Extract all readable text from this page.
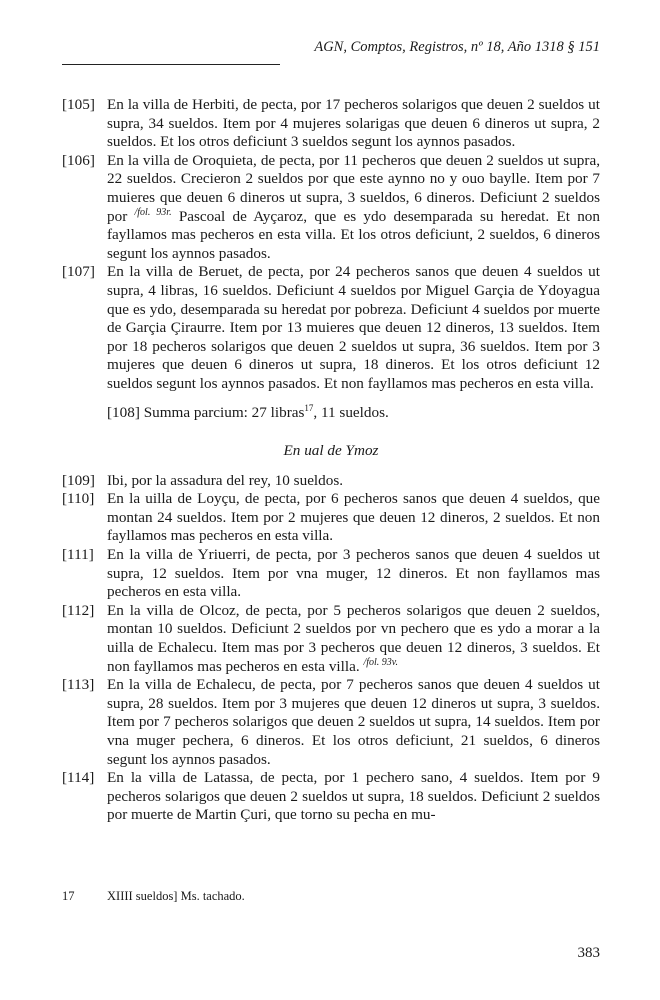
AGN, Comptos, Registros, nº 18, Año 1318 § 151
[105] En la villa de Herbiti, de pecta, por 17 pecheros solarigos que deuen 2 sueldos ut supra, 34 sueldos. Item por 4 mujeres solarigas que deuen 6 dineros ut supra, 2 sueldos. Et los otros deficiunt 3 sueldos segunt los aynnos pasados.
[106] En la villa de Oroquieta, de pecta, por 11 pecheros que deuen 2 sueldos ut supra, 22 sueldos. Crecieron 2 sueldos por que este aynno no y ouo baylle. Item por 7 muieres que deuen 6 dineros ut supra, 3 sueldos, 6 dineros. Deficiunt 2 sueldos por $^{/fol. 93r.}$ Pascoal de Ayçaroz, que es ydo desemparada su heredat. Et non fayllamos mas pecheros en esta villa. Et los otros deficiunt, 2 sueldos, 6 dineros segunt los aynnos pasados.
[107] En la villa de Beruet, de pecta, por 24 pecheros sanos que deuen 4 sueldos ut supra, 4 libras, 16 sueldos. Deficiunt 4 sueldos por Miguel Garçia de Ydoyagua que es ydo, desemparada su heredat por pobreza. Deficiunt 4 sueldos por muerte de Garçia Çiraurre. Item por 13 muieres que deuen 12 dineros, 13 sueldos. Item por 18 pecheros solarigos que deuen 2 sueldos ut supra, 36 sueldos. Item por 3 mujeres que deuen 6 dineros ut supra, 18 dineros. Et los otros deficiunt 12 sueldos segunt los aynnos pasados. Et non fayllamos mas pecheros en esta villa.
[108] Summa parcium: 27 libras$^{17}$, 11 sueldos.
En ual de Ymoz
[109] Ibi, por la assadura del rey, 10 sueldos.
[110] En la uilla de Loyçu, de pecta, por 6 pecheros sanos que deuen 4 sueldos, que montan 24 sueldos. Item por 2 mujeres que deuen 12 dineros, 2 sueldos. Et non fayllamos mas pecheros en esta villa.
[111] En la villa de Yriuerri, de pecta, por 3 pecheros sanos que deuen 4 sueldos ut supra, 12 sueldos. Item por vna muger, 12 dineros. Et non fayllamos mas pecheros en esta villa.
[112] En la villa de Olcoz, de pecta, por 5 pecheros solarigos que deuen 2 sueldos, montan 10 sueldos. Deficiunt 2 sueldos por vn pechero que es ydo a morar a la uilla de Echalecu. Item mas por 3 pecheros que deuen 12 dineros, 3 sueldos. Et non fayllamos mas pecheros en esta villa. $^{/fol. 93v.}$
[113] En la villa de Echalecu, de pecta, por 7 pecheros sanos que deuen 4 sueldos ut supra, 28 sueldos. Item por 3 mujeres que deuen 12 dineros ut supra, 3 sueldos. Item por 7 pecheros solarigos que deuen 2 sueldos ut supra, 14 sueldos. Item por vna muger pechera, 6 dineros. Et los otros deficiunt, 21 sueldos, 6 dineros segunt los aynnos pasados.
[114] En la villa de Latassa, de pecta, por 1 pechero sano, 4 sueldos. Item por 9 pecheros solarigos que deuen 2 sueldos ut supra, 18 sueldos. Deficiunt 2 sueldos por muerte de Martin Çuri, que torno su pecha en mu-
17	XIIII sueldos] Ms. tachado.
383
